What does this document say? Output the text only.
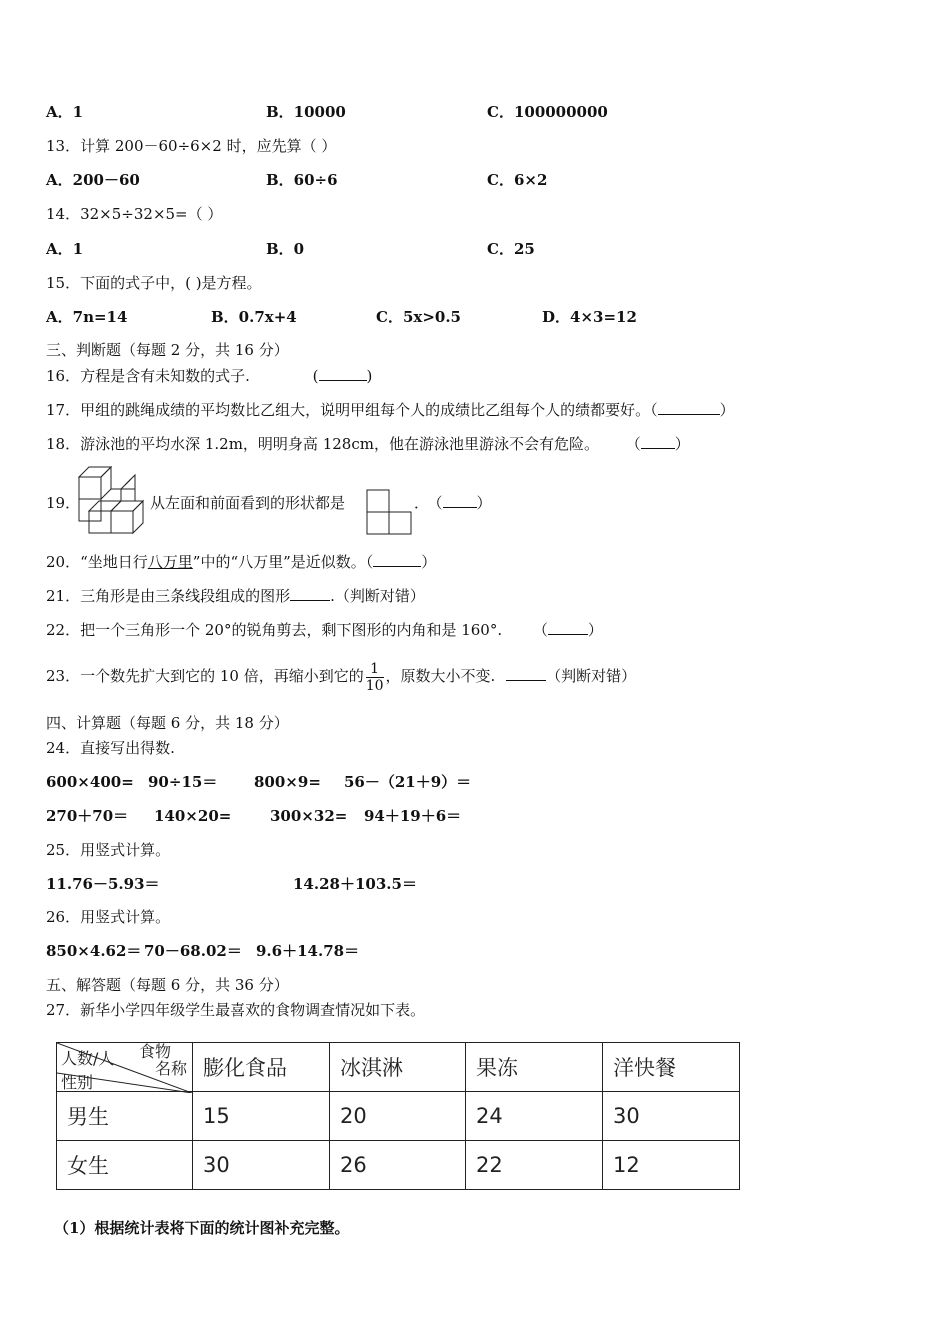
A．1	B．10000	C．100000000
13．计算 200－60÷6×2 时，应先算（ ）
A．200－60	B．60÷6	C．6×2
14．32×5÷32×5=（ ）
A．1	B．0	C．25
15．下面的式子中，( )是方程。
A．7n=14	B．0.7x+4	C．5x>0.5	D．4×3=12
三、判断题（每题 2 分，共 16 分）
16．方程是含有未知数的式子.	(	)
17．甲组的跳绳成绩的平均数比乙组大，说明甲组每个人的成绩比乙组每个人的绩都要好。（	）
18．游泳池的平均水深 1.2m，明明身高 128cm，他在游泳池里游泳不会有危险。 （ ）
19．	从左面和前面看到的形状都是	． （ ）
20．“坐地日行八万里”中的“八万里”是近似数。（	）
21．三角形是由三条线段组成的图形	.（判断对错）
22．把一个三角形一个 20°的锐角剪去，剩下图形的内角和是 160°. （	）
23．一个数先扩大到它的 10 倍，再缩小到它的 $\frac{1}{10}$ ，原数大小不变.	（判断对错）
四、计算题（每题 6 分，共 18 分）
24．直接写出得数.
600×400= 90÷15＝ 800×9= 56－（21＋9）＝
270＋70＝ 140×20=	300×32= 94＋19＋6＝
25．用竖式计算。
11.76－5.93＝	14.28＋103.5＝
26．用竖式计算。
850×4.62＝ 70－68.02＝ 9.6＋14.78＝
五、解答题（每题 6 分，共 36 分）
27．新华小学四年级学生最喜欢的食物调查情况如下表。
食物
名称
人数/人
性别	膨化食品	冰淇淋	果冻	洋快餐
男生	15	20	24	30
女生	30	26	22	12
（1）根据统计表将下面的统计图补充完整。
